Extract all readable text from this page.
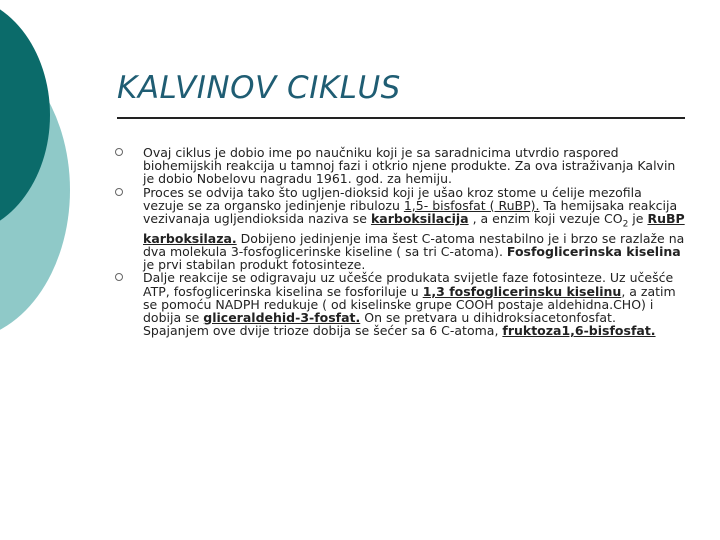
KALVINOV CIKLUS
Ovaj ciklus je dobio ime po naučniku koji je sa saradnicima utvrdio raspored biohemijskih reakcija u tamnoj fazi i otkrio njene produkte. Za ova istraživanja Kalvin je dobio Nobelovu nagradu 1961. god. za hemiju.
Proces se odvija tako što ugljen-dioksid koji je ušao kroz stome u ćelije mezofila vezuje se za organsko jedinjenje ribulozu 1,5- bisfosfat ( RuBP). Ta hemijsaka reakcija vezivanaja ugljendioksida naziva se karboksilacija , a enzim koji vezuje $CO_2$ je RuBP karboksilaza. Dobijeno jedinjenje ima šest C-atoma nestabilno je i brzo se razlaže na dva molekula 3-fosfoglicerinske kiseline ( sa tri C-atoma). Fosfoglicerinska kiselina je prvi stabilan produkt fotosinteze.
Dalje reakcije se odigravaju uz učešće produkata svijetle faze fotosinteze. Uz učešće ATP, fosfoglicerinska kiselina se fosforiluje u 1,3 fosfoglicerinsku kiselinu, a zatim se pomoću NADPH redukuje ( od kiselinske grupe COOH postaje aldehidna.CHO) i dobija se gliceraldehid-3-fosfat. On se pretvara u dihidroksiacetonfosfat. Spajanjem ove dvije trioze dobija se šećer sa 6 C-atoma, fruktoza1,6-bisfosfat.
